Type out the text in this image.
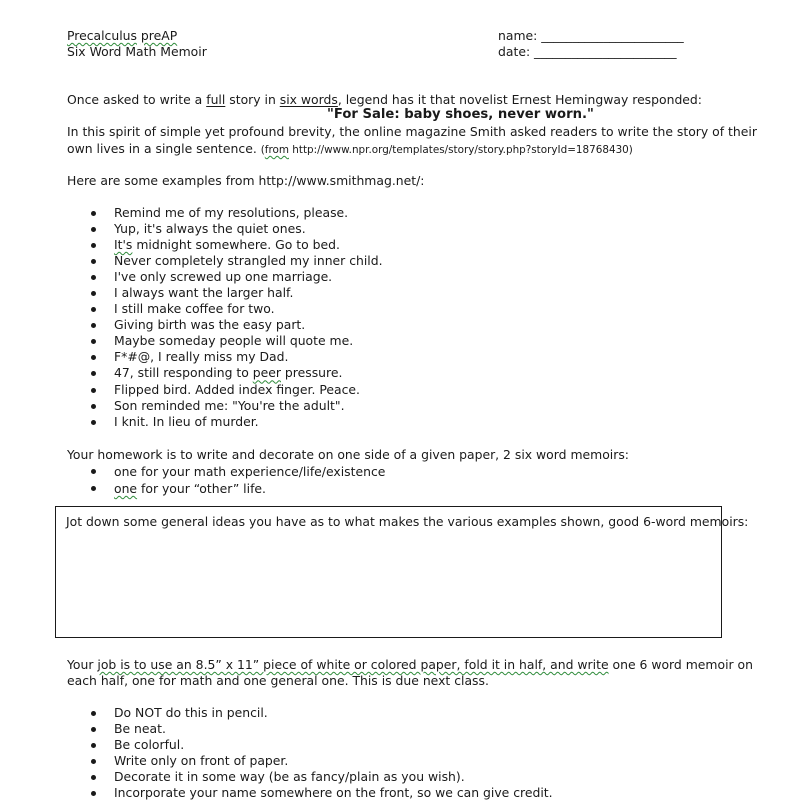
Precalculus preAP
Six Word Math Memoir
name: _______________________
date: _______________________
Once asked to write a full story in six words, legend has it that novelist Ernest Hemingway responded:
"For Sale: baby shoes, never worn."
In this spirit of simple yet profound brevity, the online magazine Smith asked readers to write the story of their
own lives in a single sentence. (from http://www.npr.org/templates/story/story.php?storyId=18768430)
Here are some examples from http://www.smithmag.net/:
Remind me of my resolutions, please.
Yup, it's always the quiet ones.
It's midnight somewhere. Go to bed.
Never completely strangled my inner child.
I've only screwed up one marriage.
I always want the larger half.
I still make coffee for two.
Giving birth was the easy part.
Maybe someday people will quote me.
F*#@, I really miss my Dad.
47, still responding to peer pressure.
Flipped bird. Added index finger. Peace.
Son reminded me: "You're the adult".
I knit. In lieu of murder.
Your homework is to write and decorate on one side of a given paper, 2 six word memoirs:
one for your math experience/life/existence
one for your “other” life.
Jot down some general ideas you have as to what makes the various examples shown, good 6-word memoirs:
Your job is to use an 8.5” x 11” piece of white or colored paper, fold it in half, and write one 6 word memoir on
each half, one for math and one general one. This is due next class.
Do NOT do this in pencil.
Be neat.
Be colorful.
Write only on front of paper.
Decorate it in some way (be as fancy/plain as you wish).
Incorporate your name somewhere on the front, so we can give credit.
